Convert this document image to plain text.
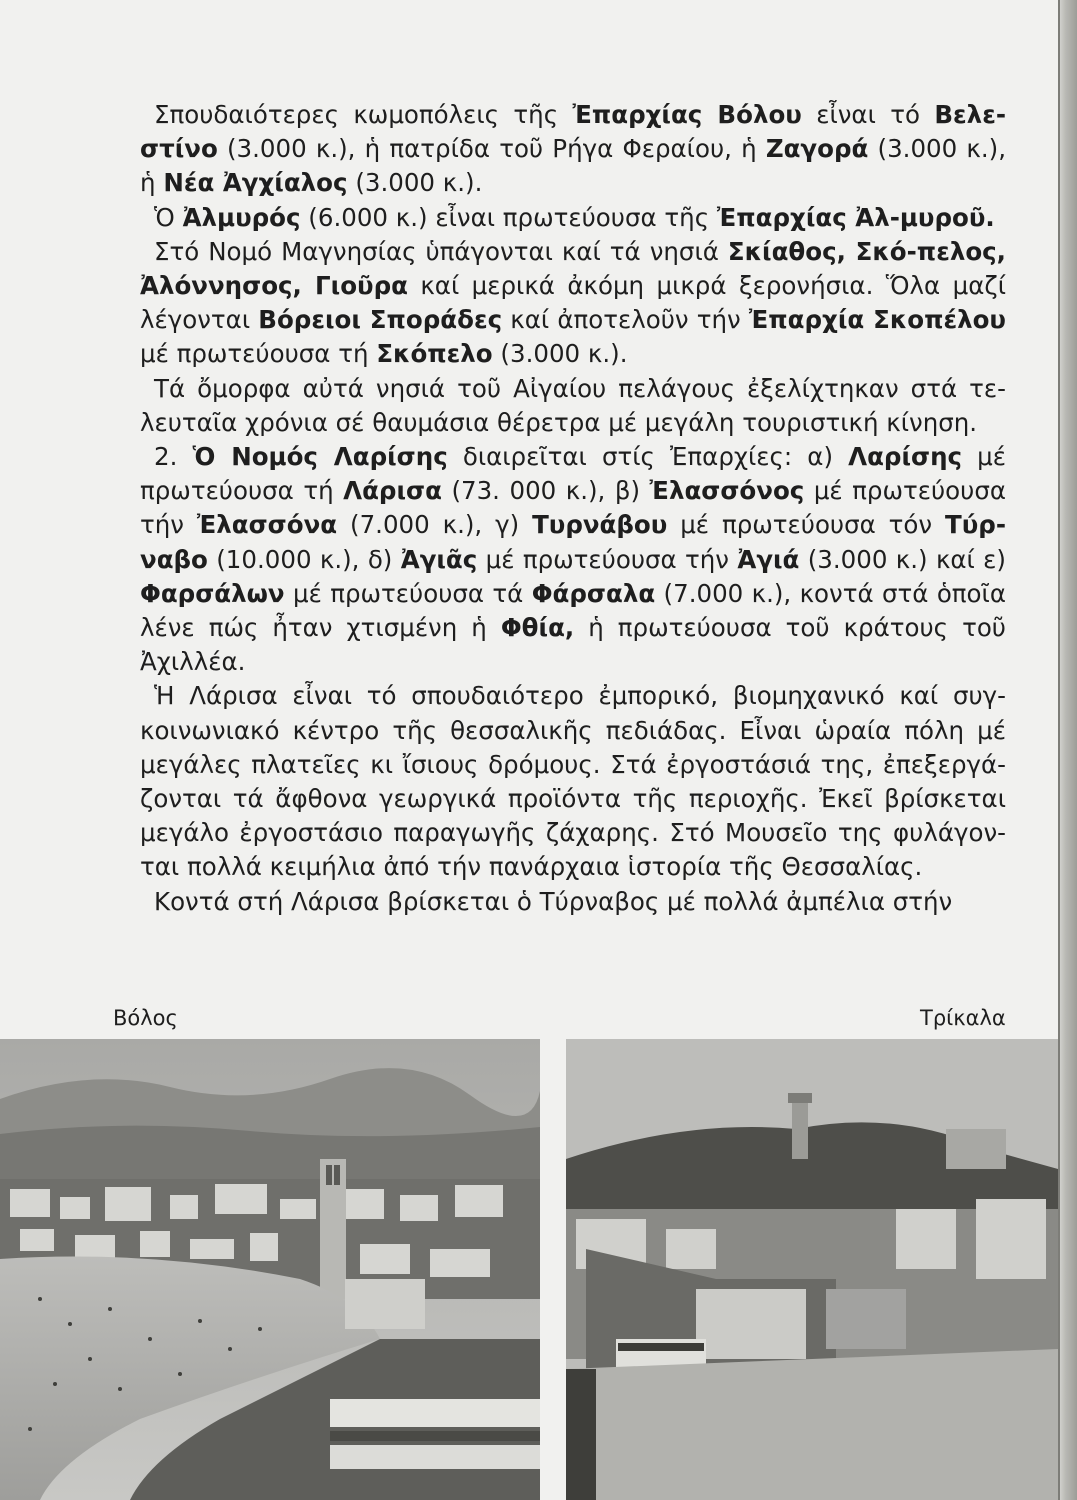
Σπουδαιότερες κωμοπόλεις τῆς Ἐπαρχίας Βόλου εἶναι τό Βελε-στίνο (3.000 κ.), ἡ πατρίδα τοῦ Ρήγα Φεραίου, ἡ Ζαγορά (3.000 κ.), ἡ Νέα Ἀγχίαλος (3.000 κ.).

Ὁ Ἀλμυρός (6.000 κ.) εἶναι πρωτεύουσα τῆς Ἐπαρχίας Ἀλ-μυροῦ.

Στό Νομό Μαγνησίας ὑπάγονται καί τά νησιά Σκίαθος, Σκό-πελος, Ἀλόννησος, Γιοῦρα καί μερικά ἀκόμη μικρά ξερονήσια. Ὅλα μαζί λέγονται Βόρειοι Σποράδες καί ἀποτελοῦν τήν Ἐπαρχία Σκοπέλου μέ πρωτεύουσα τή Σκόπελο (3.000 κ.).

Τά ὄμορφα αὐτά νησιά τοῦ Αἰγαίου πελάγους ἐξελίχτηκαν στά τε-λευταῖα χρόνια σέ θαυμάσια θέρετρα μέ μεγάλη τουριστική κίνηση.

2. Ὁ Νομός Λαρίσης διαιρεῖται στίς Ἐπαρχίες: α) Λαρίσης μέ πρωτεύουσα τή Λάρισα (73. 000 κ.), β) Ἐλασσόνος μέ πρωτεύουσα τήν Ἐλασσόνα (7.000 κ.), γ) Τυρνάβου μέ πρωτεύουσα τόν Τύρ-ναβο (10.000 κ.), δ) Ἀγιᾶς μέ πρωτεύουσα τήν Ἀγιά (3.000 κ.) καί ε) Φαρσάλων μέ πρωτεύουσα τά Φάρσαλα (7.000 κ.), κοντά στά ὁποῖα λένε πώς ἦταν χτισμένη ἡ Φθία, ἡ πρωτεύουσα τοῦ κράτους τοῦ Ἀχιλλέα.

Ἡ Λάρισα εἶναι τό σπουδαιότερο ἐμπορικό, βιομηχανικό καί συγ-κοινωνιακό κέντρο τῆς θεσσαλικῆς πεδιάδας. Εἶναι ὡραία πόλη μέ μεγάλες πλατεῖες κι ἴσιους δρόμους. Στά ἐργοστάσιά της, ἐπεξεργά-ζονται τά ἄφθονα γεωργικά προϊόντα τῆς περιοχῆς. Ἐκεῖ βρίσκεται μεγάλο ἐργοστάσιο παραγωγῆς ζάχαρης. Στό Μουσεῖο της φυλάγον-ται πολλά κειμήλια ἀπό τήν πανάρχαια ἱστορία τῆς Θεσσαλίας.

Κοντά στή Λάρισα βρίσκεται ὁ Τύρναβος μέ πολλά ἀμπέλια στήν

Βόλος	Τρίκαλα
